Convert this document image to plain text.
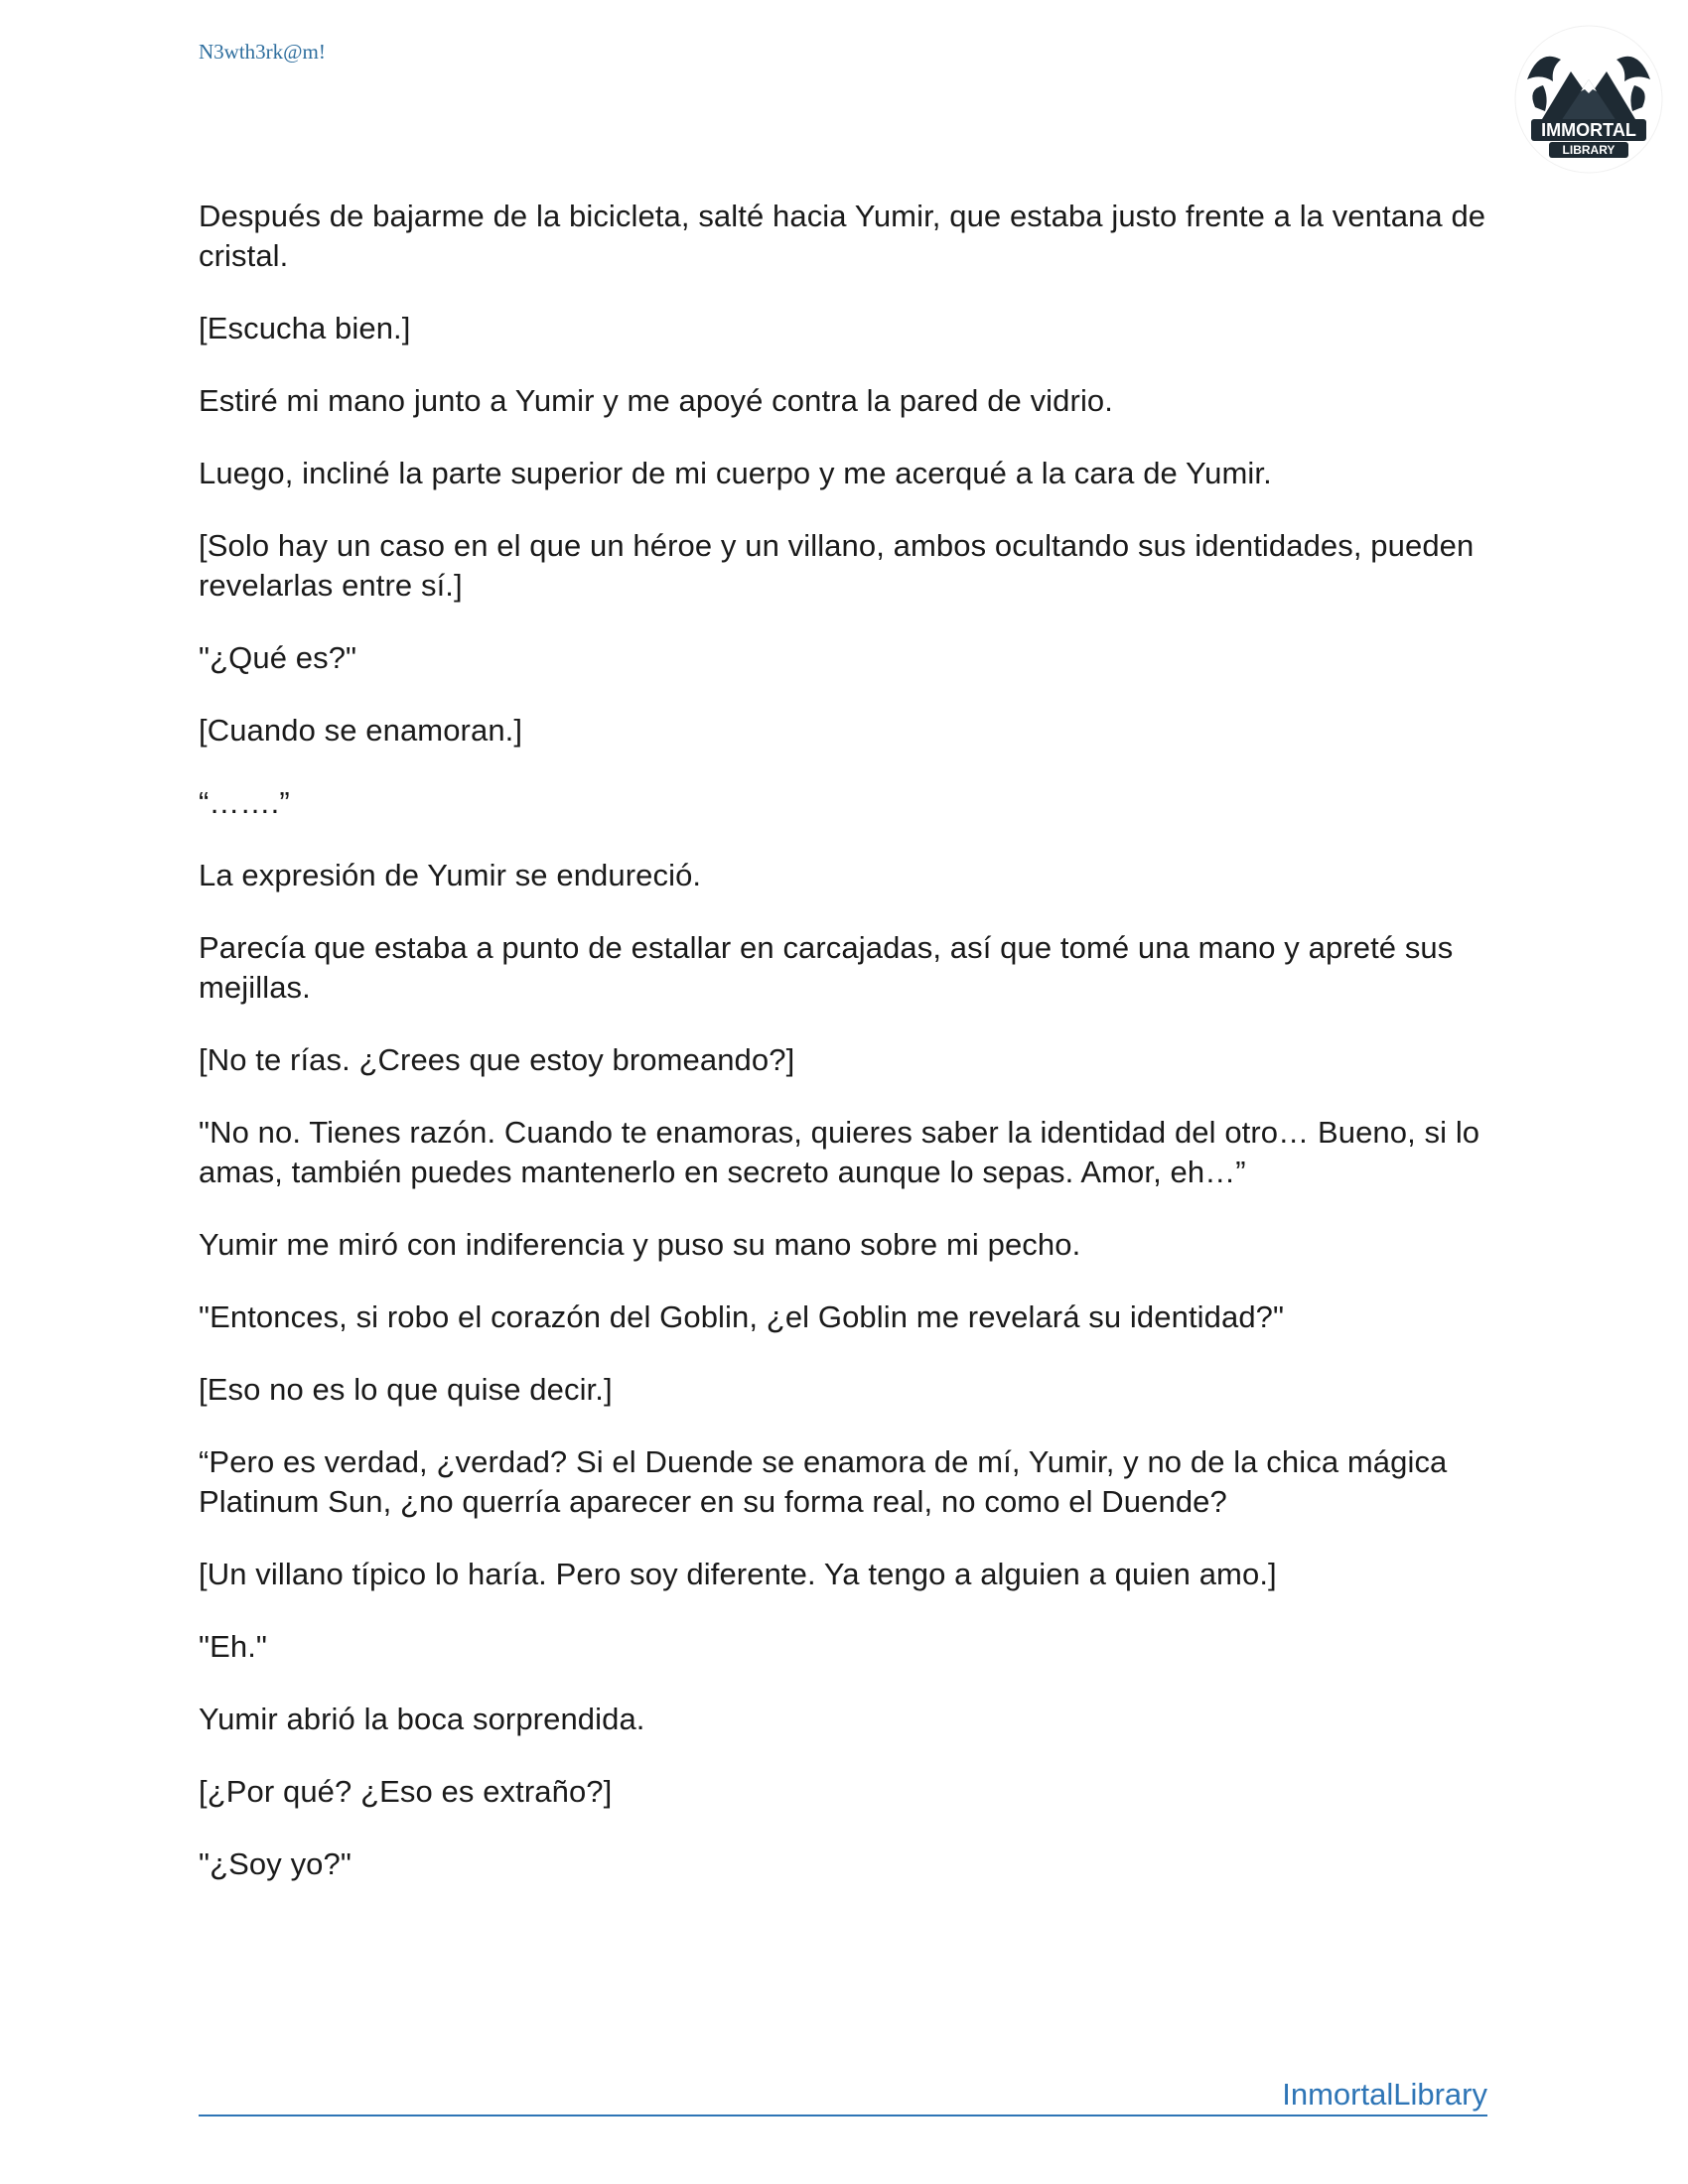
N3wth3rk@m!
IMMORTAL
LIBRARY

Después de bajarme de la bicicleta, salté hacia Yumir, que estaba justo frente a la ventana de cristal.

[Escucha bien.]

Estiré mi mano junto a Yumir y me apoyé contra la pared de vidrio.

Luego, incliné la parte superior de mi cuerpo y me acerqué a la cara de Yumir.

[Solo hay un caso en el que un héroe y un villano, ambos ocultando sus identidades, pueden revelarlas entre sí.]

"¿Qué es?"

[Cuando se enamoran.]

“…….”

La expresión de Yumir se endureció.

Parecía que estaba a punto de estallar en carcajadas, así que tomé una mano y apreté sus mejillas.

[No te rías. ¿Crees que estoy bromeando?]

"No no. Tienes razón. Cuando te enamoras, quieres saber la identidad del otro… Bueno, si lo amas, también puedes mantenerlo en secreto aunque lo sepas. Amor, eh…”

Yumir me miró con indiferencia y puso su mano sobre mi pecho.

"Entonces, si robo el corazón del Goblin, ¿el Goblin me revelará su identidad?"

[Eso no es lo que quise decir.]

“Pero es verdad, ¿verdad? Si el Duende se enamora de mí, Yumir, y no de la chica mágica Platinum Sun, ¿no querría aparecer en su forma real, no como el Duende?

[Un villano típico lo haría. Pero soy diferente. Ya tengo a alguien a quien amo.]

"Eh."

Yumir abrió la boca sorprendida.

[¿Por qué? ¿Eso es extraño?]

"¿Soy yo?"

InmortalLibrary
